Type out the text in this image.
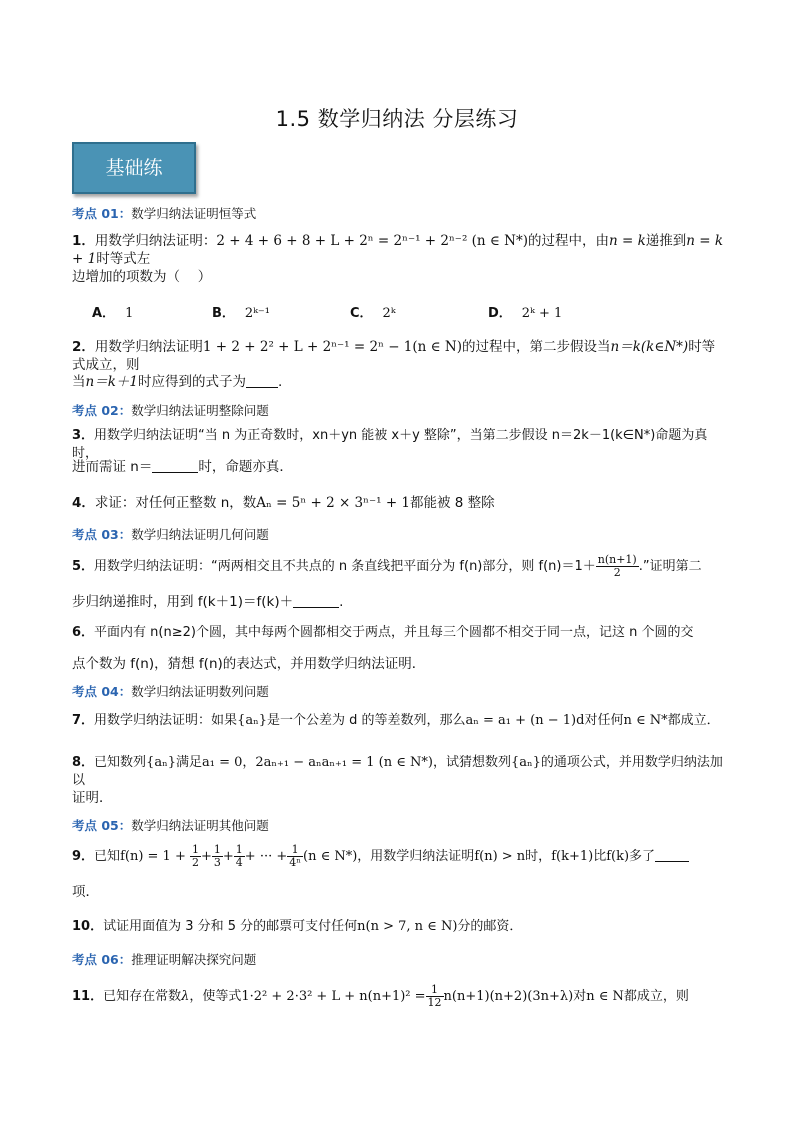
1.5 数学归纳法 分层练习
基础练
考点 01：数学归纳法证明恒等式
1．用数学归纳法证明：2 + 4 + 6 + 8 + L + 2ⁿ = 2ⁿ⁻¹ + 2ⁿ⁻² (n ∈ N*)的过程中，由n = k递推到n = k + 1时等式左
边增加的项数为（　 ）
A． 1	B． 2ᵏ⁻¹	C． 2ᵏ	D． 2ᵏ + 1
2．用数学归纳法证明1 + 2 + 2² + L + 2ⁿ⁻¹ = 2ⁿ − 1(n ∈ N)的过程中，第二步假设当n＝k(k∈N*)时等式成立，则
当n＝k＋1时应得到的式子为 .
考点 02：数学归纳法证明整除问题
3．用数学归纳法证明“当 n 为正奇数时，xn＋yn 能被 x＋y 整除”，当第二步假设 n＝2k－1(k∈N*)命题为真时，
进而需证 n＝	时，命题亦真．
4．求证：对任何正整数 n，数Aₙ = 5ⁿ + 2 × 3ⁿ⁻¹ + 1都能被 8 整除
考点 03：数学归纳法证明几何问题
5．用数学归纳法证明：“两两相交且不共点的 n 条直线把平面分为 f(n)部分，则 $f(n)=1+ \frac{n(n+1)}{2}$ .”证明第二
步归纳递推时，用到 f(k＋1)＝f(k)＋	.
6．平面内有 n(n≥2)个圆，其中每两个圆都相交于两点，并且每三个圆都不相交于同一点，记这 n 个圆的交
点个数为 f(n)，猜想 f(n)的表达式，并用数学归纳法证明．
考点 04：数学归纳法证明数列问题
7．用数学归纳法证明：如果{aₙ}是一个公差为 d 的等差数列，那么aₙ = a₁ + (n − 1)d对任何n ∈ N*都成立．
8．已知数列{aₙ}满足a₁ = 0，2aₙ₊₁ − aₙaₙ₊₁ = 1 (n ∈ N*)，试猜想数列{aₙ}的通项公式，并用数学归纳法加以
证明．
考点 05：数学归纳法证明其他问题
9．已知$f(n) = 1 + \frac{1}{2} + \frac{1}{3} + \frac{1}{4}$ + ··· + $\frac{1}{\text{4ⁿ}} (n$ ∈ N*)，用数学归纳法证明f(n) > n时，f(k+1)比f(k)多了
项．
10．试证用面值为 3 分和 5 分的邮票可支付任何n(n > 7, n ∈ N)分的邮资．
考点 06：推理证明解决探究问题
11．已知存在常数λ，使等式$1\cdot 2^2 + 2\cdot 3^2 + L + n(n+1)^2 = \frac{1}{12} n(n+1)(n+2)(3n+\lambda)$对n ∈ N都成立，则
